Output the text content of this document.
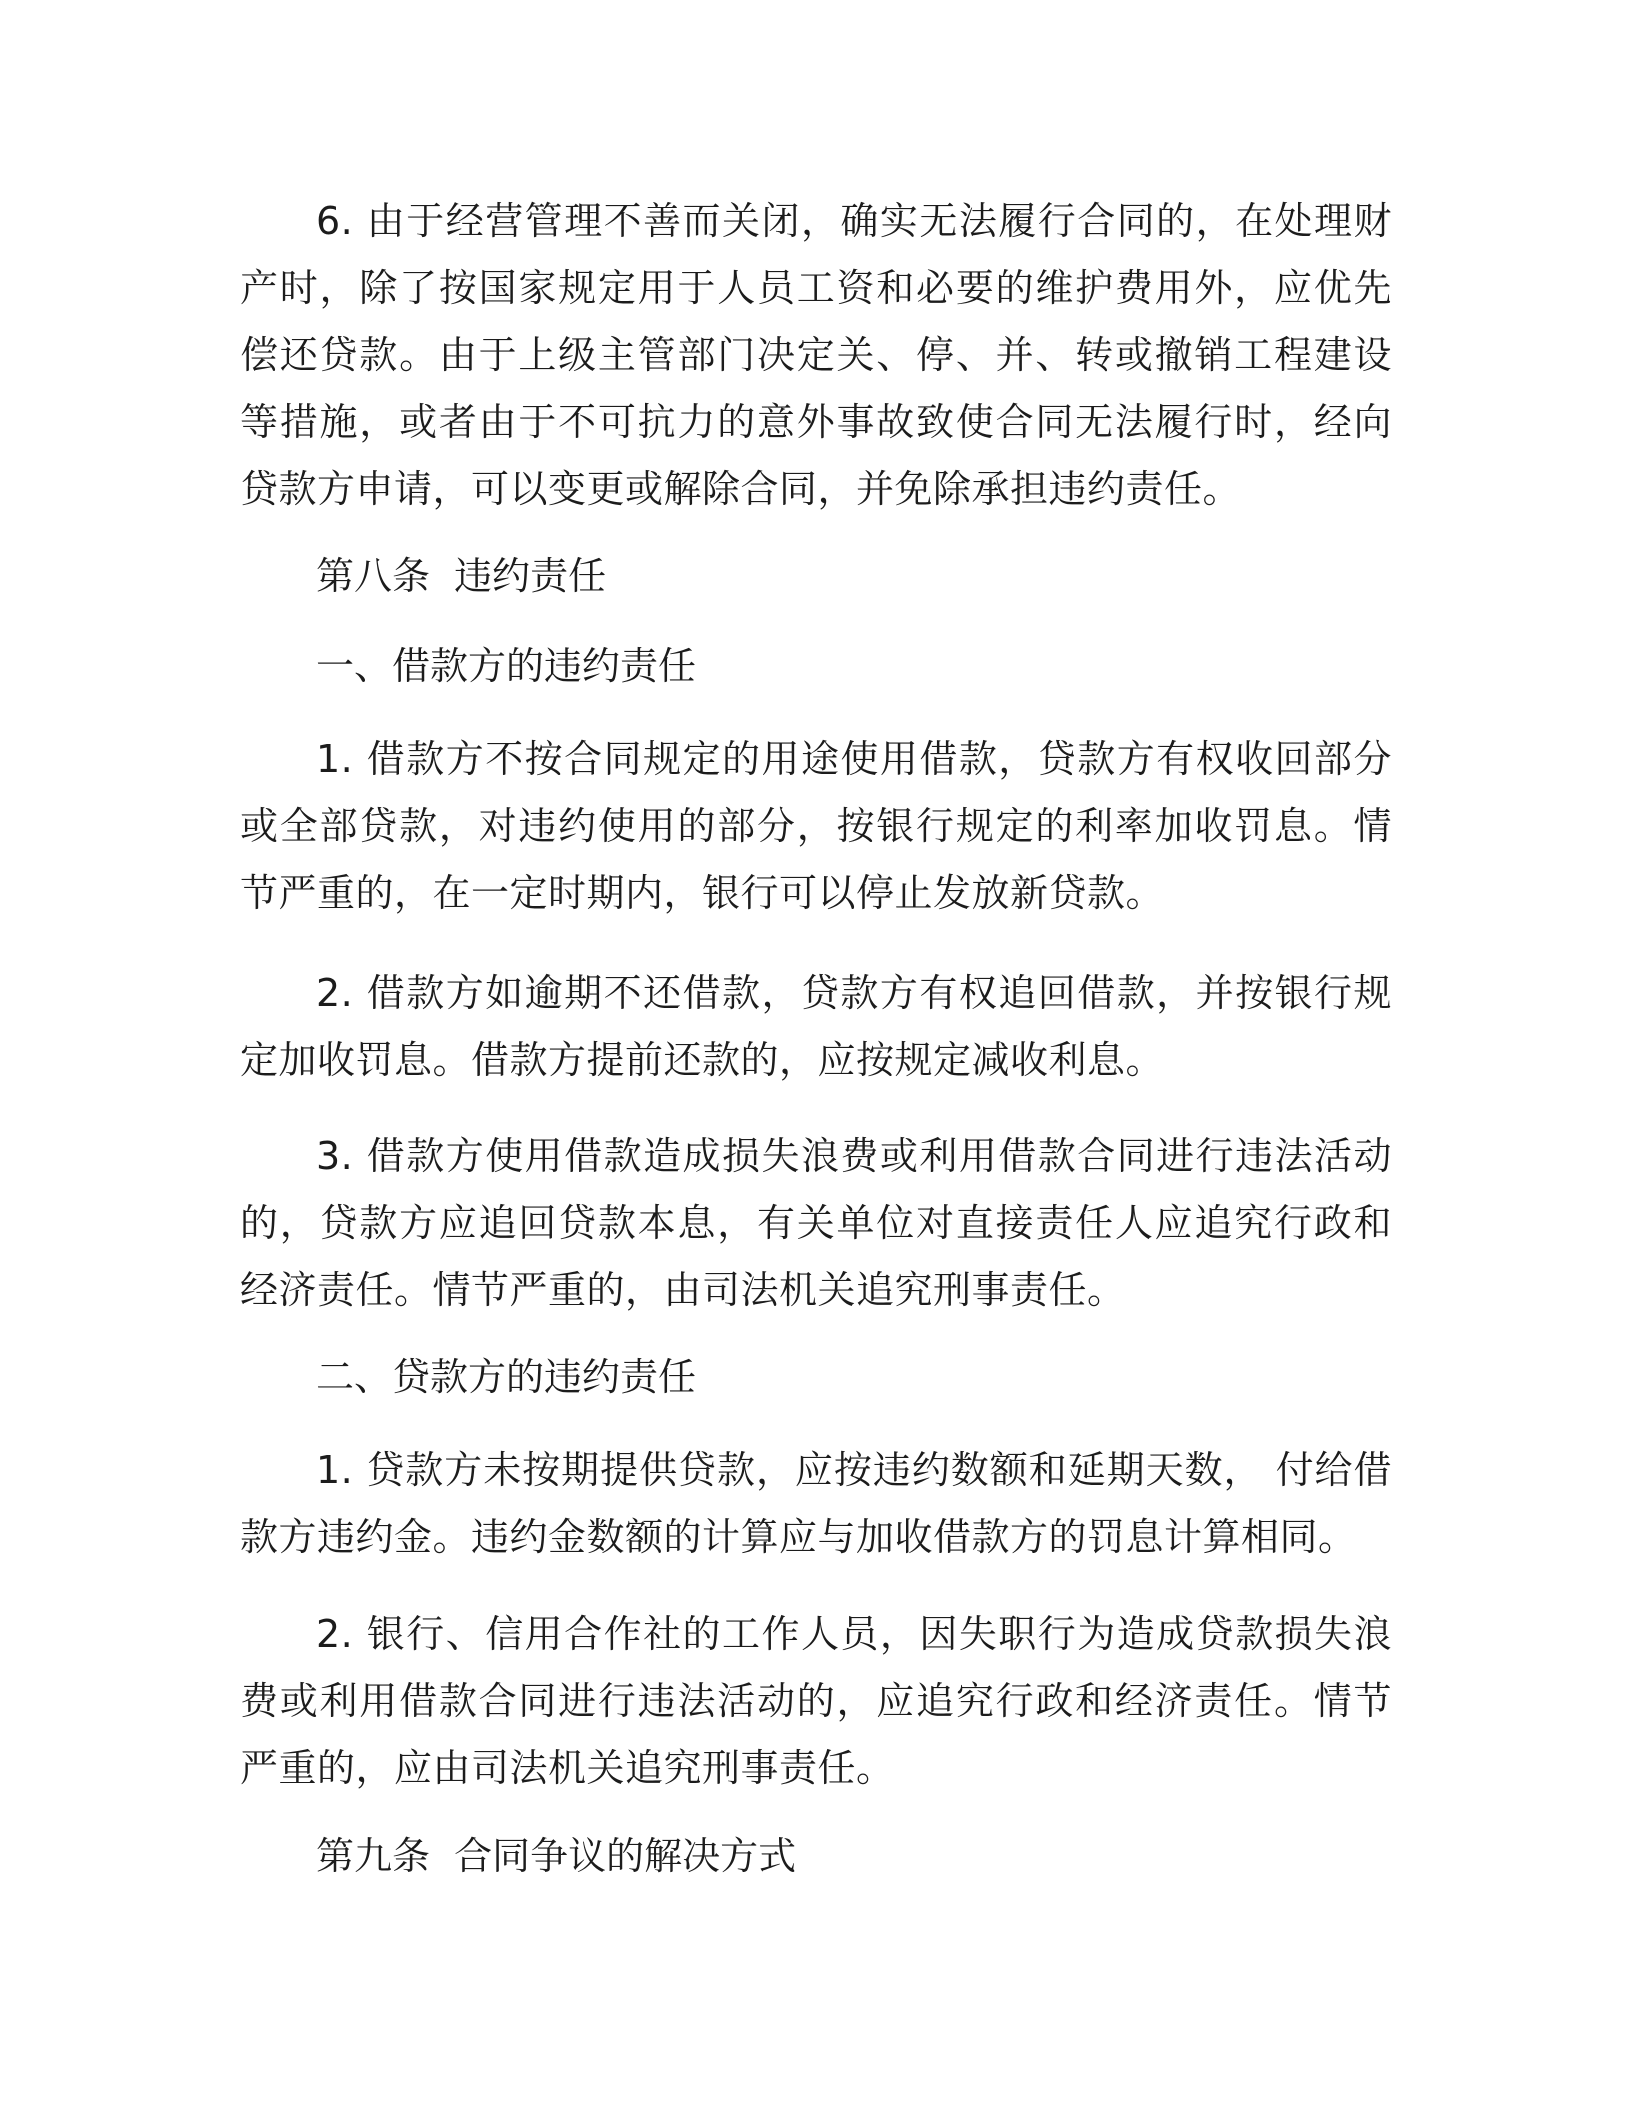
6. 由于经营管理不善而关闭，确实无法履行合同的，在处理财产时，除了按国家规定用于人员工资和必要的维护费用外，应优先偿还贷款。由于上级主管部门决定关、停、并、转或撤销工程建设等措施，或者由于不可抗力的意外事故致使合同无法履行时，经向贷款方申请，可以变更或解除合同，并免除承担违约责任。

第八条  违约责任

一、借款方的违约责任

1. 借款方不按合同规定的用途使用借款，贷款方有权收回部分或全部贷款，对违约使用的部分，按银行规定的利率加收罚息。情节严重的，在一定时期内，银行可以停止发放新贷款。

2. 借款方如逾期不还借款，贷款方有权追回借款，并按银行规定加收罚息。借款方提前还款的，应按规定减收利息。

3. 借款方使用借款造成损失浪费或利用借款合同进行违法活动的，贷款方应追回贷款本息，有关单位对直接责任人应追究行政和经济责任。情节严重的，由司法机关追究刑事责任。

二、贷款方的违约责任

1. 贷款方未按期提供贷款，应按违约数额和延期天数， 付给借款方违约金。违约金数额的计算应与加收借款方的罚息计算相同。

2. 银行、信用合作社的工作人员，因失职行为造成贷款损失浪费或利用借款合同进行违法活动的，应追究行政和经济责任。情节严重的，应由司法机关追究刑事责任。

第九条  合同争议的解决方式
